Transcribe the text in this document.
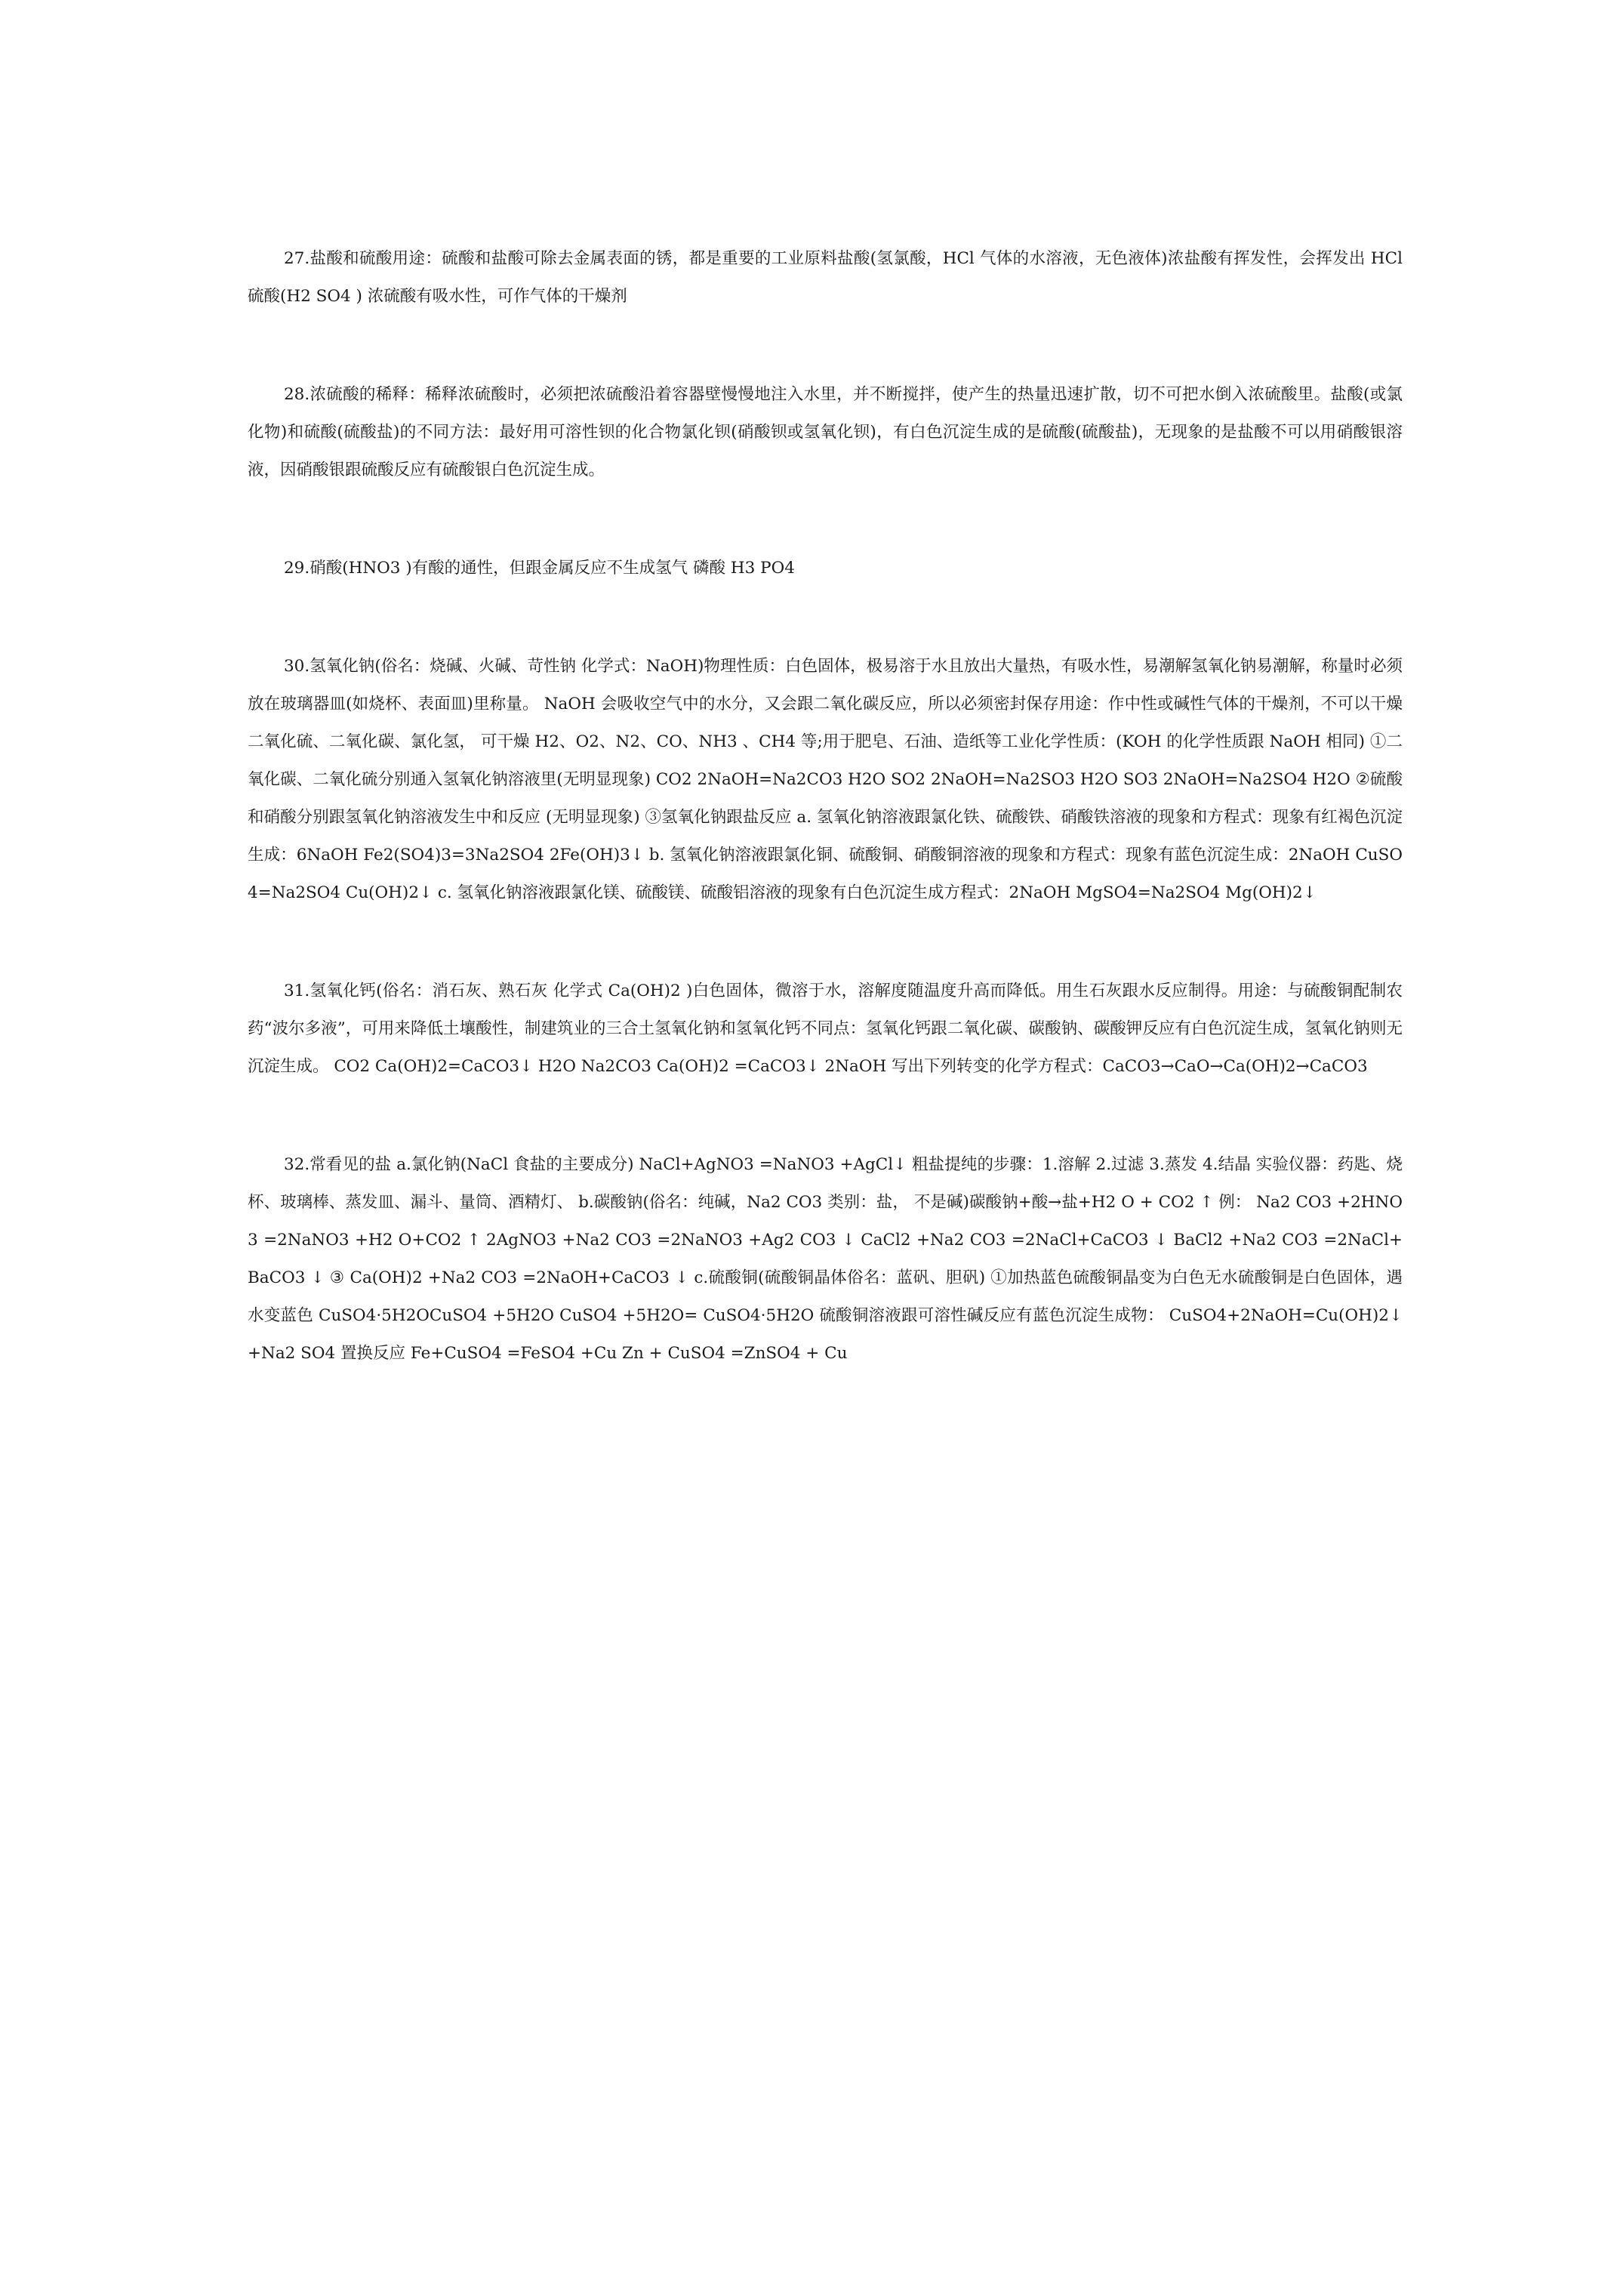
27.盐酸和硫酸用途：硫酸和盐酸可除去金属表面的锈，都是重要的工业原料盐酸(氢氯酸，HCl 气体的水溶液，无色液体)浓盐酸有挥发性，会挥发出 HCl 硫酸(H2 SO4 ) 浓硫酸有吸水性，可作气体的干燥剂

28.浓硫酸的稀释：稀释浓硫酸时，必须把浓硫酸沿着容器壁慢慢地注入水里，并不断搅拌，使产生的热量迅速扩散，切不可把水倒入浓硫酸里。盐酸(或氯化物)和硫酸(硫酸盐)的不同方法：最好用可溶性钡的化合物氯化钡(硝酸钡或氢氧化钡)，有白色沉淀生成的是硫酸(硫酸盐)，无现象的是盐酸不可以用硝酸银溶液，因硝酸银跟硫酸反应有硫酸银白色沉淀生成。

29.硝酸(HNO3 )有酸的通性，但跟金属反应不生成氢气 磷酸 H3 PO4

30.氢氧化钠(俗名：烧碱、火碱、苛性钠 化学式：NaOH)物理性质：白色固体，极易溶于水且放出大量热，有吸水性，易潮解氢氧化钠易潮解，称量时必须放在玻璃器皿(如烧杯、表面皿)里称量。 NaOH 会吸收空气中的水分，又会跟二氧化碳反应，所以必须密封保存用途：作中性或碱性气体的干燥剂，不可以干燥二氧化硫、二氧化碳、氯化氢， 可干燥 H2、O2、N2、CO、NH3 、CH4 等;用于肥皂、石油、造纸等工业化学性质：(KOH 的化学性质跟 NaOH 相同) ①二氧化碳、二氧化硫分别通入氢氧化钠溶液里(无明显现象) CO2 2NaOH=Na2CO3 H2O SO2 2NaOH=Na2SO3 H2O SO3 2NaOH=Na2SO4 H2O ②硫酸和硝酸分别跟氢氧化钠溶液发生中和反应 (无明显现象) ③氢氧化钠跟盐反应 a. 氢氧化钠溶液跟氯化铁、硫酸铁、硝酸铁溶液的现象和方程式：现象有红褐色沉淀生成：6NaOH Fe2(SO4)3=3Na2SO4 2Fe(OH)3↓ b. 氢氧化钠溶液跟氯化铜、硫酸铜、硝酸铜溶液的现象和方程式：现象有蓝色沉淀生成：2NaOH CuSO4=Na2SO4 Cu(OH)2↓ c. 氢氧化钠溶液跟氯化镁、硫酸镁、硫酸铝溶液的现象有白色沉淀生成方程式：2NaOH MgSO4=Na2SO4 Mg(OH)2↓

31.氢氧化钙(俗名：消石灰、熟石灰 化学式 Ca(OH)2 )白色固体，微溶于水，溶解度随温度升高而降低。用生石灰跟水反应制得。用途：与硫酸铜配制农药“波尔多液”，可用来降低土壤酸性，制建筑业的三合土氢氧化钠和氢氧化钙不同点：氢氧化钙跟二氧化碳、碳酸钠、碳酸钾反应有白色沉淀生成，氢氧化钠则无沉淀生成。 CO2 Ca(OH)2=CaCO3↓ H2O Na2CO3 Ca(OH)2 =CaCO3↓ 2NaOH 写出下列转变的化学方程式：CaCO3→CaO→Ca(OH)2→CaCO3

32.常看见的盐 a.氯化钠(NaCl 食盐的主要成分) NaCl+AgNO3 =NaNO3 +AgCl↓ 粗盐提纯的步骤：1.溶解 2.过滤 3.蒸发 4.结晶 实验仪器：药匙、烧杯、玻璃棒、蒸发皿、漏斗、量筒、酒精灯、 b.碳酸钠(俗名：纯碱，Na2 CO3 类别：盐， 不是碱)碳酸钠+酸→盐+H2 O + CO2 ↑ 例： Na2 CO3 +2HNO3 =2NaNO3 +H2 O+CO2 ↑ 2AgNO3 +Na2 CO3 =2NaNO3 +Ag2 CO3 ↓ CaCl2 +Na2 CO3 =2NaCl+CaCO3 ↓ BaCl2 +Na2 CO3 =2NaCl+ BaCO3 ↓ ③ Ca(OH)2 +Na2 CO3 =2NaOH+CaCO3 ↓ c.硫酸铜(硫酸铜晶体俗名：蓝矾、胆矾) ①加热蓝色硫酸铜晶变为白色无水硫酸铜是白色固体，遇水变蓝色 CuSO4·5H2OCuSO4 +5H2O CuSO4 +5H2O= CuSO4·5H2O 硫酸铜溶液跟可溶性碱反应有蓝色沉淀生成物： CuSO4+2NaOH=Cu(OH)2↓+Na2 SO4 置换反应 Fe+CuSO4 =FeSO4 +Cu Zn + CuSO4 =ZnSO4 + Cu
